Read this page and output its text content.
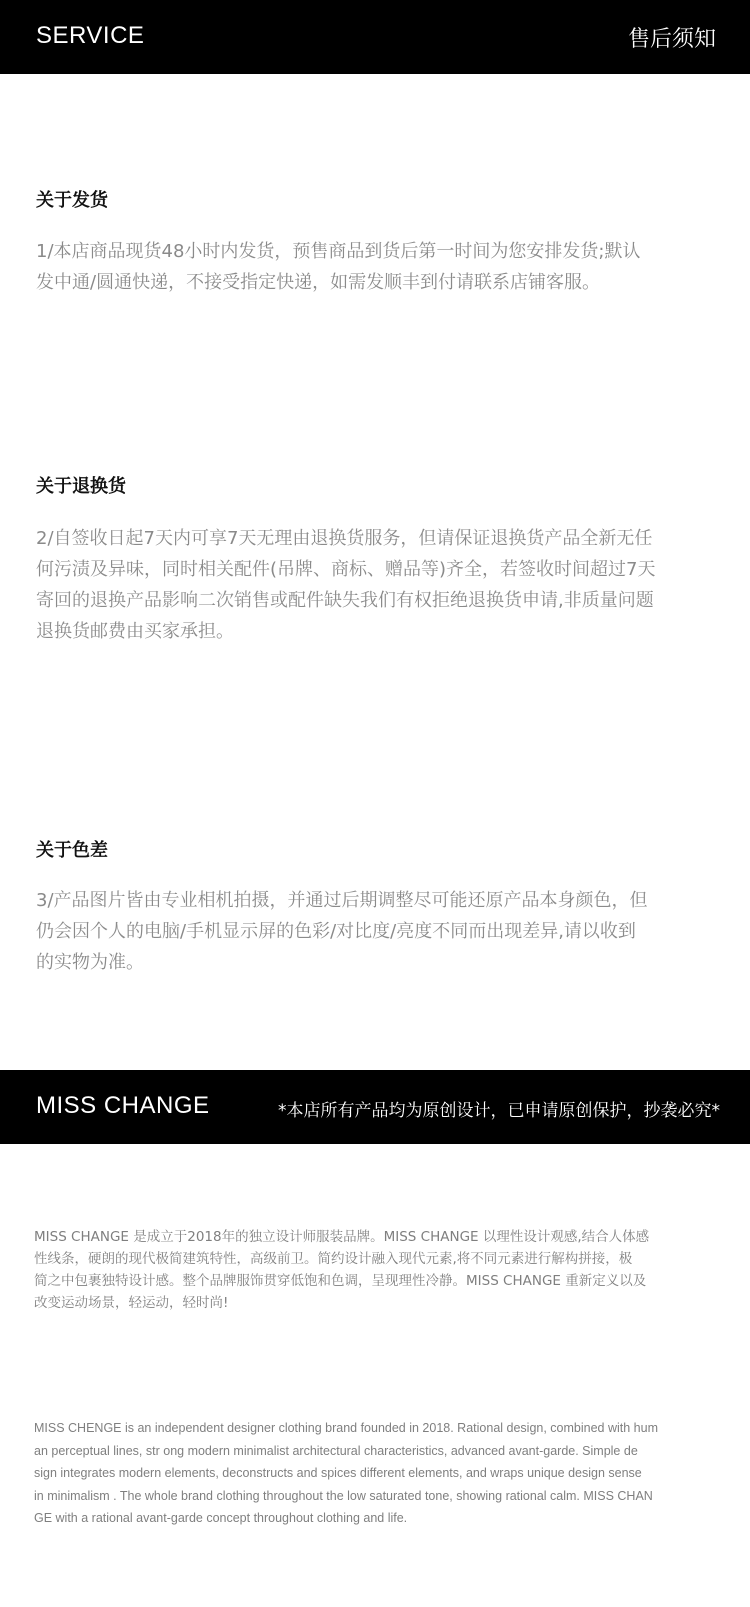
SERVICE	售后须知
关于发货

1/本店商品现货48小时内发货，预售商品到货后第一时间为您安排发货;默认
发中通/圆通快递，不接受指定快递，如需发顺丰到付请联系店铺客服。

关于退换货

2/自签收日起7天内可享7天无理由退换货服务，但请保证退换货产品全新无任
何污渍及异味，同时相关配件(吊牌、商标、赠品等)齐全，若签收时间超过7天
寄回的退换产品影响二次销售或配件缺失我们有权拒绝退换货申请,非质量问题
退换货邮费由买家承担。

关于色差

3/产品图片皆由专业相机拍摄，并通过后期调整尽可能还原产品本身颜色，但
仍会因个人的电脑/手机显示屏的色彩/对比度/亮度不同而出现差异,请以收到
的实物为准。

MISS CHANGE	*本店所有产品均为原创设计，已申请原创保护，抄袭必究*

MISS CHANGE 是成立于2018年的独立设计师服装品牌。MISS CHANGE 以理性设计观感,结合人体感
性线条，硬朗的现代极简建筑特性，高级前卫。简约设计融入现代元素,将不同元素进行解构拼接，极
简之中包裹独特设计感。整个品牌服饰贯穿低饱和色调，呈现理性冷静。MISS CHANGE 重新定义以及
改变运动场景，轻运动，轻时尚!

MISS CHENGE is an independent designer clothing brand founded in 2018. Rational design, combined with hum
an perceptual lines, str ong modern minimalist architectural characteristics, advanced avant-garde. Simple de
sign integrates modern elements, deconstructs and spices different elements, and wraps unique design sense
in minimalism . The whole brand clothing throughout the low saturated tone, showing rational calm. MISS CHAN
GE with a rational avant-garde concept throughout clothing and life.
